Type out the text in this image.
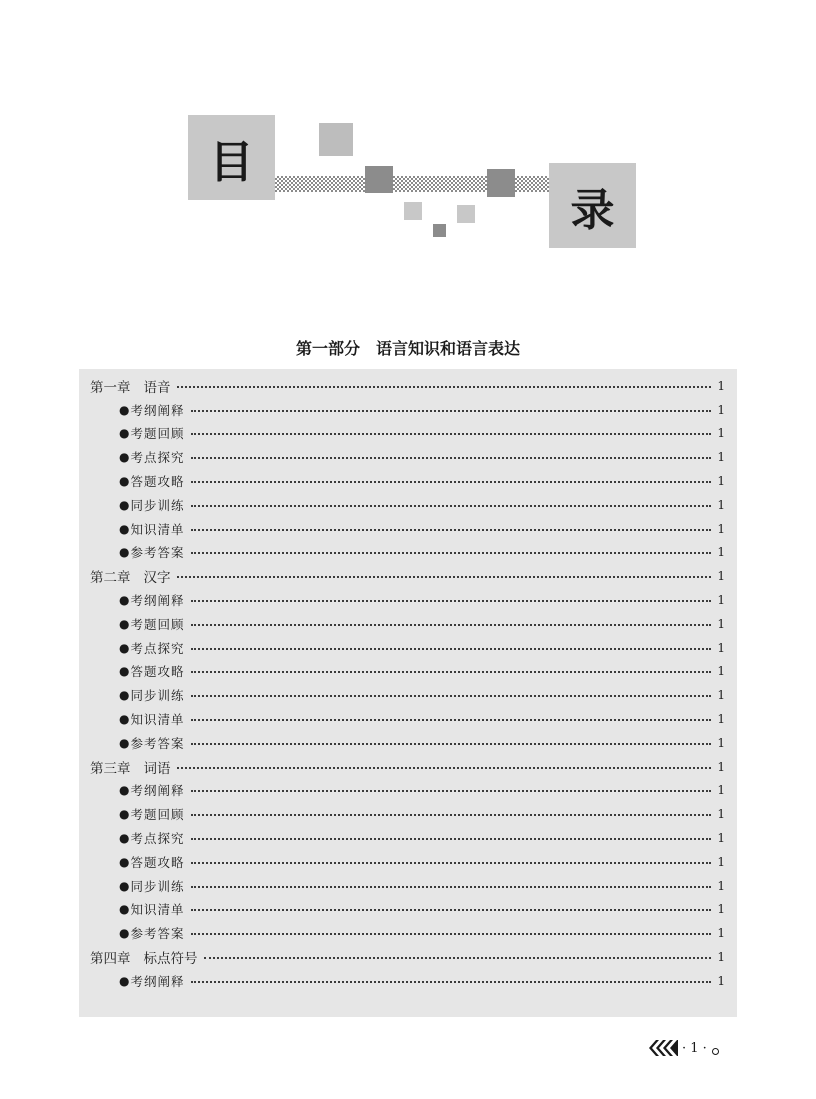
目
录
第一部分　语言知识和语言表达
第一章 语音	1
● 考纲阐释	1
● 考题回顾	1
● 考点探究	1
● 答题攻略	1
● 同步训练	1
● 知识清单	1
● 参考答案	1
第二章 汉字	1
● 考纲阐释	1
● 考题回顾	1
● 考点探究	1
● 答题攻略	1
● 同步训练	1
● 知识清单	1
● 参考答案	1
第三章 词语	1
● 考纲阐释	1
● 考题回顾	1
● 考点探究	1
● 答题攻略	1
● 同步训练	1
● 知识清单	1
● 参考答案	1
第四章 标点符号	1
● 考纲阐释	1
· 1 ·
